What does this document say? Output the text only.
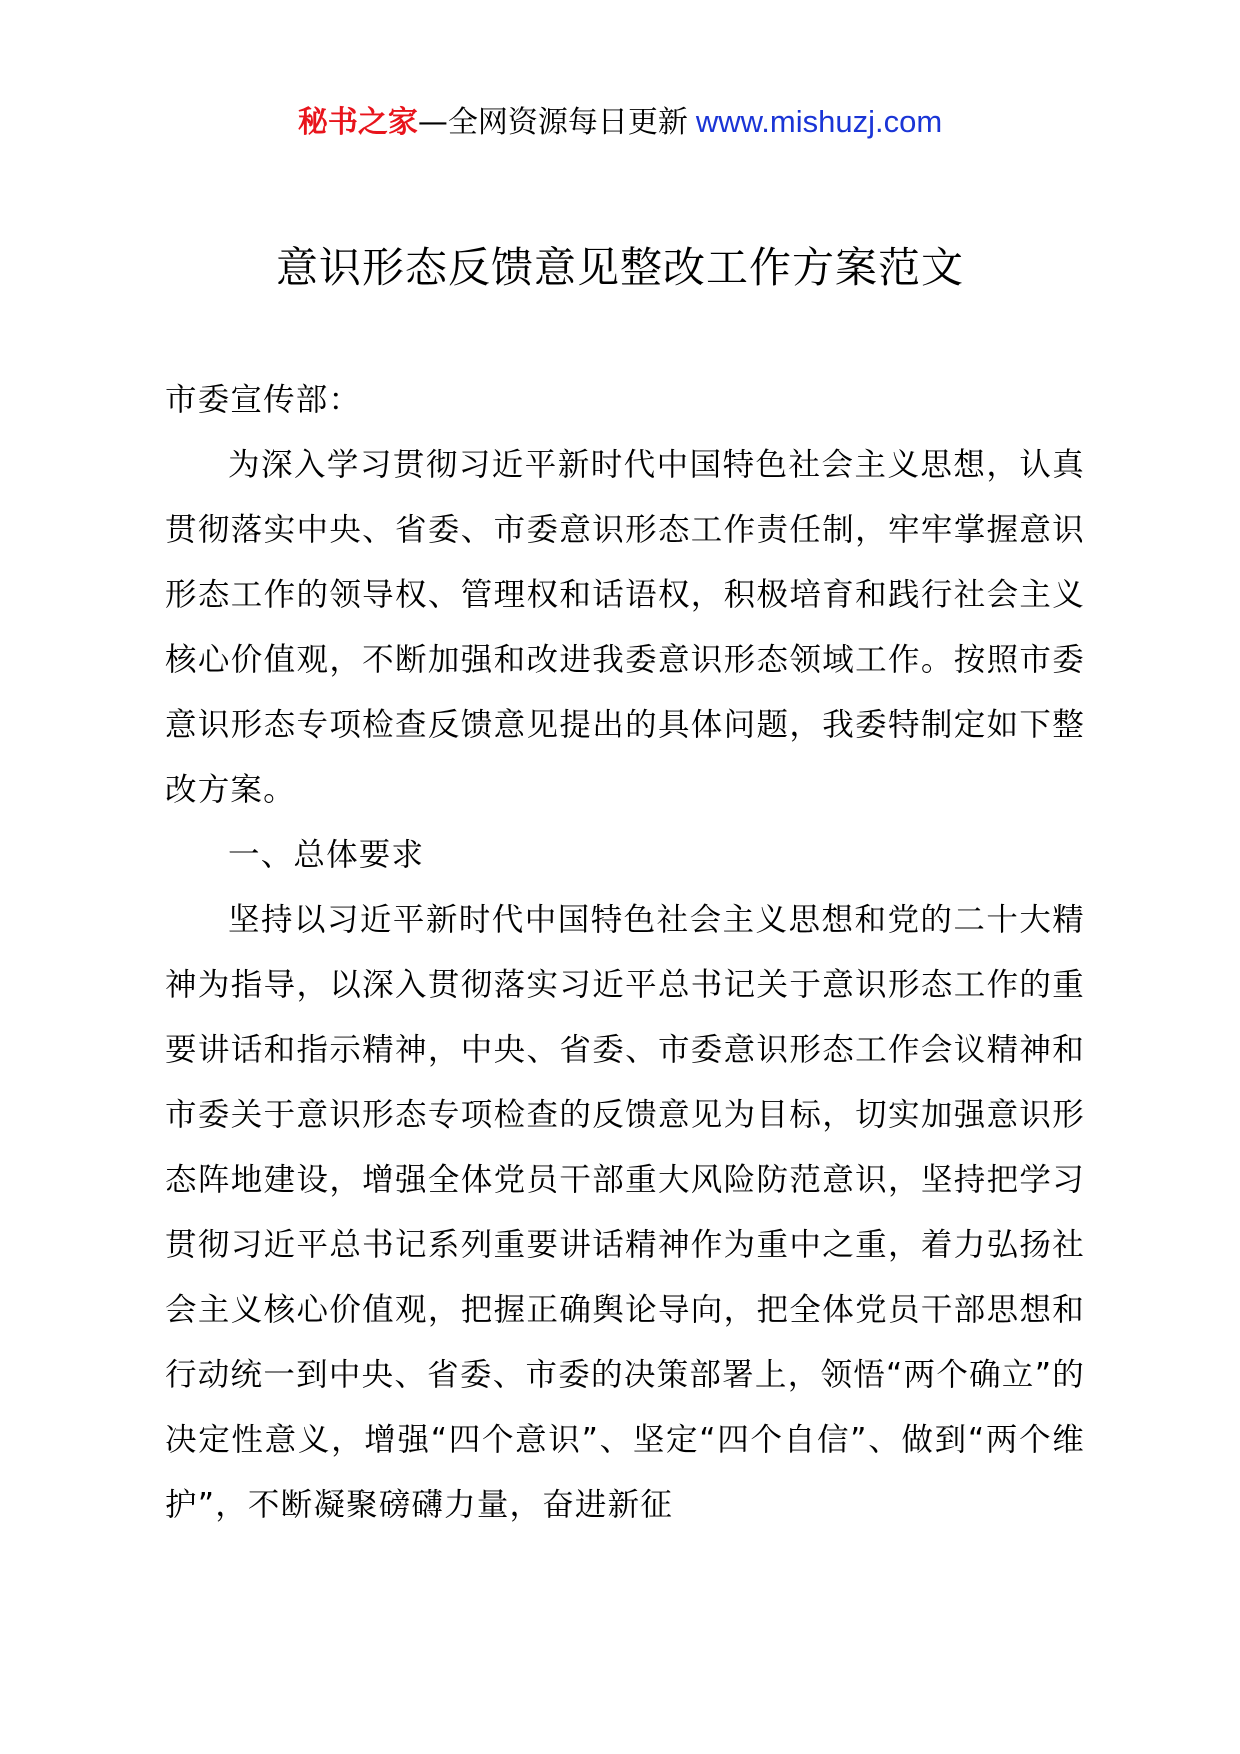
秘书之家—全网资源每日更新 www.mishuzj.com
意识形态反馈意见整改工作方案范文

市委宣传部：

为深入学习贯彻习近平新时代中国特色社会主义思想，认真贯彻落实中央、省委、市委意识形态工作责任制，牢牢掌握意识形态工作的领导权、管理权和话语权，积极培育和践行社会主义核心价值观，不断加强和改进我委意识形态领域工作。按照市委意识形态专项检查反馈意见提出的具体问题，我委特制定如下整改方案。

一、总体要求

坚持以习近平新时代中国特色社会主义思想和党的二十大精神为指导，以深入贯彻落实习近平总书记关于意识形态工作的重要讲话和指示精神，中央、省委、市委意识形态工作会议精神和市委关于意识形态专项检查的反馈意见为目标，切实加强意识形态阵地建设，增强全体党员干部重大风险防范意识，坚持把学习贯彻习近平总书记系列重要讲话精神作为重中之重，着力弘扬社会主义核心价值观，把握正确舆论导向，把全体党员干部思想和行动统一到中央、省委、市委的决策部署上，领悟“两个确立”的决定性意义，增强“四个意识”、坚定“四个自信”、做到“两个维护”，不断凝聚磅礴力量，奋进新征
